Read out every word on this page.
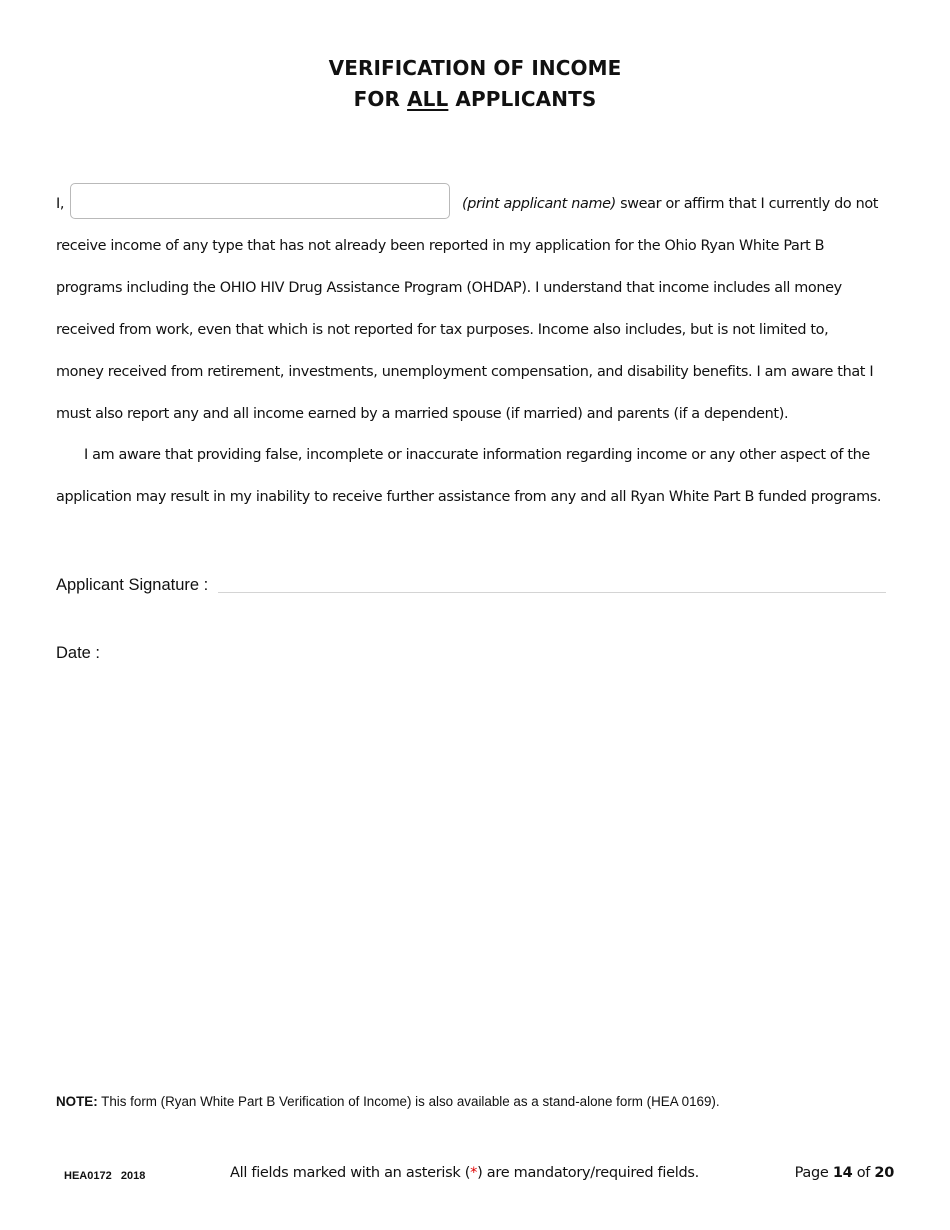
VERIFICATION OF INCOME
FOR ALL APPLICANTS
I,	(print applicant name) swear or affirm that I currently do not
receive income of any type that has not already been reported in my application for the Ohio Ryan White Part B
programs including the OHIO HIV Drug Assistance Program (OHDAP). I understand that income includes all money
received from work, even that which is not reported for tax purposes. Income also includes, but is not limited to,
money received from retirement, investments, unemployment compensation, and disability benefits. I am aware that I
must also report any and all income earned by a married spouse (if married) and parents (if a dependent).
I am aware that providing false, incomplete or inaccurate information regarding income or any other aspect of the
application may result in my inability to receive further assistance from any and all Ryan White Part B funded programs.
Applicant Signature :
Date :
NOTE: This form (Ryan White Part B Verification of Income) is also available as a stand-alone form (HEA 0169).
HEA0172   2018	All fields marked with an asterisk (*) are mandatory/required fields.	Page 14 of 20
